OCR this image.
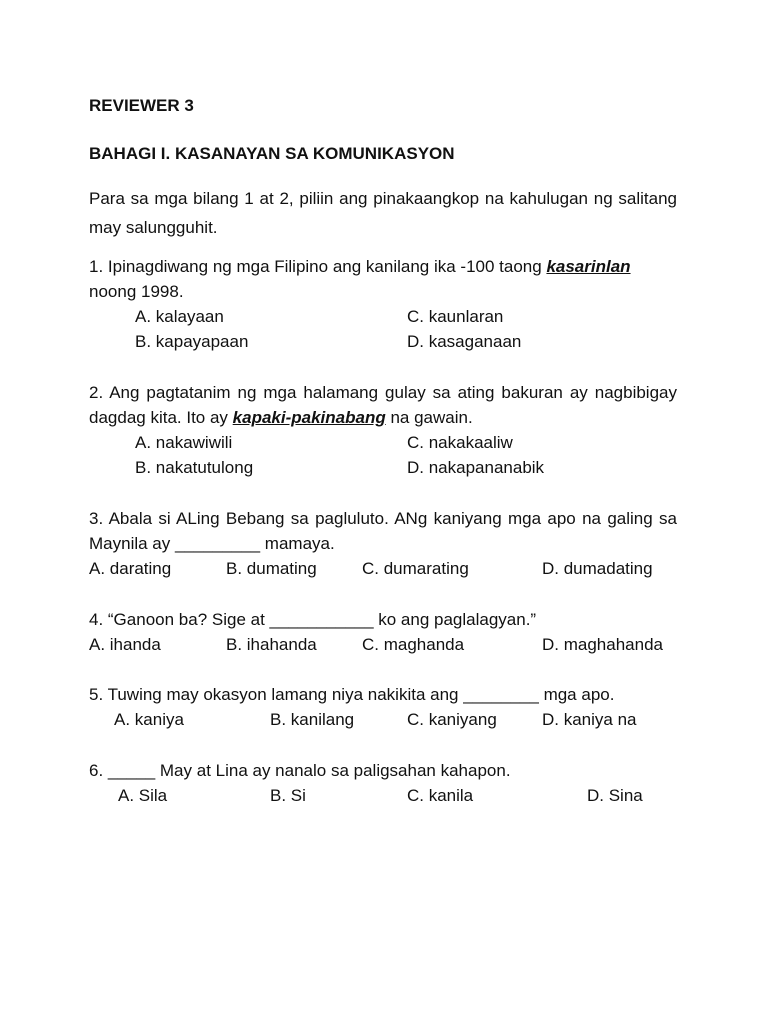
REVIEWER 3

BAHAGI I. KASANAYAN SA KOMUNIKASYON

Para sa mga bilang 1 at 2, piliin ang pinakaangkop na kahulugan ng salitang may salungguhit.

1. Ipinagdiwang ng mga Filipino ang kanilang ika -100 taong kasarinlan noong 1998.

A. kalayaan	C. kaunlaran
B. kapayapaan	D. kasaganaan

2. Ang pagtatanim ng mga halamang gulay sa ating bakuran ay nagbibigay dagdag kita. Ito ay kapaki-pakinabang na gawain.

A. nakawiwili	C. nakakaaliw
B. nakatutulong	D. nakapananabik

3. Abala si ALing Bebang sa pagluluto. ANg kaniyang mga apo na galing sa Maynila ay _________ mamaya.

A. darating	B. dumating	C. dumarating	D. dumadating

4. “Ganoon ba? Sige at ___________ ko ang paglalagyan.”

A. ihanda	B. ihahanda	C. maghanda	D. maghahanda

5. Tuwing may okasyon lamang niya nakikita ang ________ mga apo.

A. kaniya	B. kanilang	C. kaniyang	D. kaniya na

6. _____ May at Lina ay nanalo sa paligsahan kahapon.

A. Sila	B. Si	C. kanila	D. Sina
